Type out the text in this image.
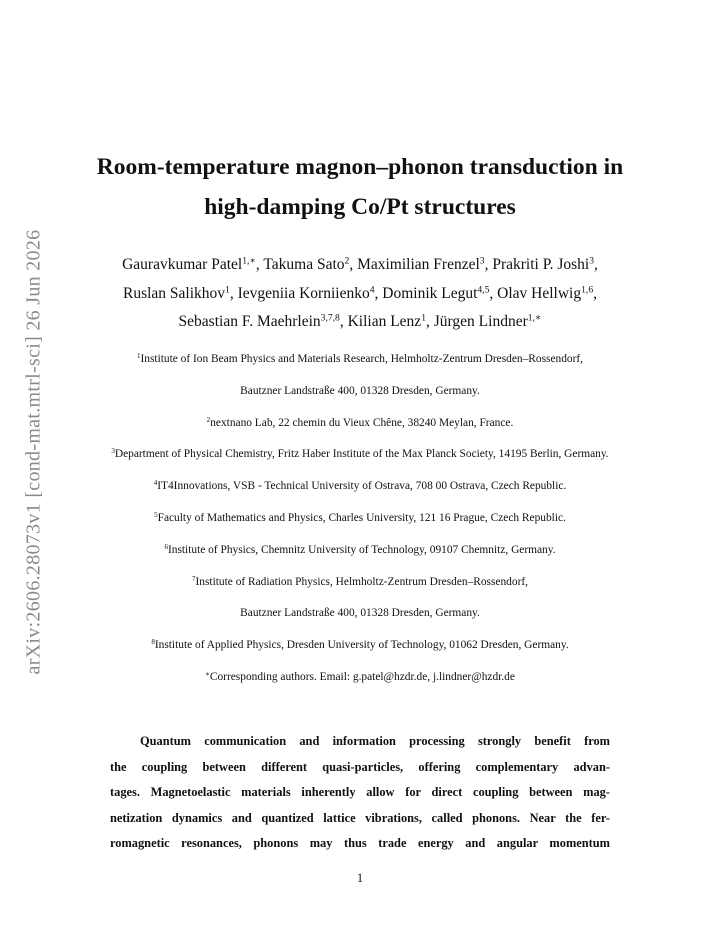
arXiv:2606.28073v1 [cond-mat.mtrl-sci] 26 Jun 2026
Room-temperature magnon–phonon transduction in
high-damping Co/Pt structures
Gauravkumar Patel$^{1,∗}$, Takuma Sato$^2$, Maximilian Frenzel$^3$, Prakriti P. Joshi$^3$,
Ruslan Salikhov$^1$, Ievgeniia Korniienko$^4$, Dominik Legut$^{4,5}$, Olav Hellwig$^{1,6}$,
Sebastian F. Maehrlein$^{3,7,8}$, Kilian Lenz$^1$, Jürgen Lindner$^{1,∗}$
$^1$Institute of Ion Beam Physics and Materials Research, Helmholtz-Zentrum Dresden–Rossendorf,
Bautzner Landstraße 400, 01328 Dresden, Germany.
$^2$nextnano Lab, 22 chemin du Vieux Chêne, 38240 Meylan, France.
$^3$Department of Physical Chemistry, Fritz Haber Institute of the Max Planck Society, 14195 Berlin, Germany.
$^4$IT4Innovations, VSB - Technical University of Ostrava, 708 00 Ostrava, Czech Republic.
$^5$Faculty of Mathematics and Physics, Charles University, 121 16 Prague, Czech Republic.
$^6$Institute of Physics, Chemnitz University of Technology, 09107 Chemnitz, Germany.
$^7$Institute of Radiation Physics, Helmholtz-Zentrum Dresden–Rossendorf,
Bautzner Landstraße 400, 01328 Dresden, Germany.
$^8$Institute of Applied Physics, Dresden University of Technology, 01062 Dresden, Germany.
∗Corresponding authors. Email: g.patel@hzdr.de, j.lindner@hzdr.de
Quantum communication and information processing strongly benefit from
the coupling between different quasi-particles, offering complementary advan-
tages. Magnetoelastic materials inherently allow for direct coupling between mag-
netization dynamics and quantized lattice vibrations, called phonons. Near the fer-
romagnetic resonances, phonons may thus trade energy and angular momentum
1
